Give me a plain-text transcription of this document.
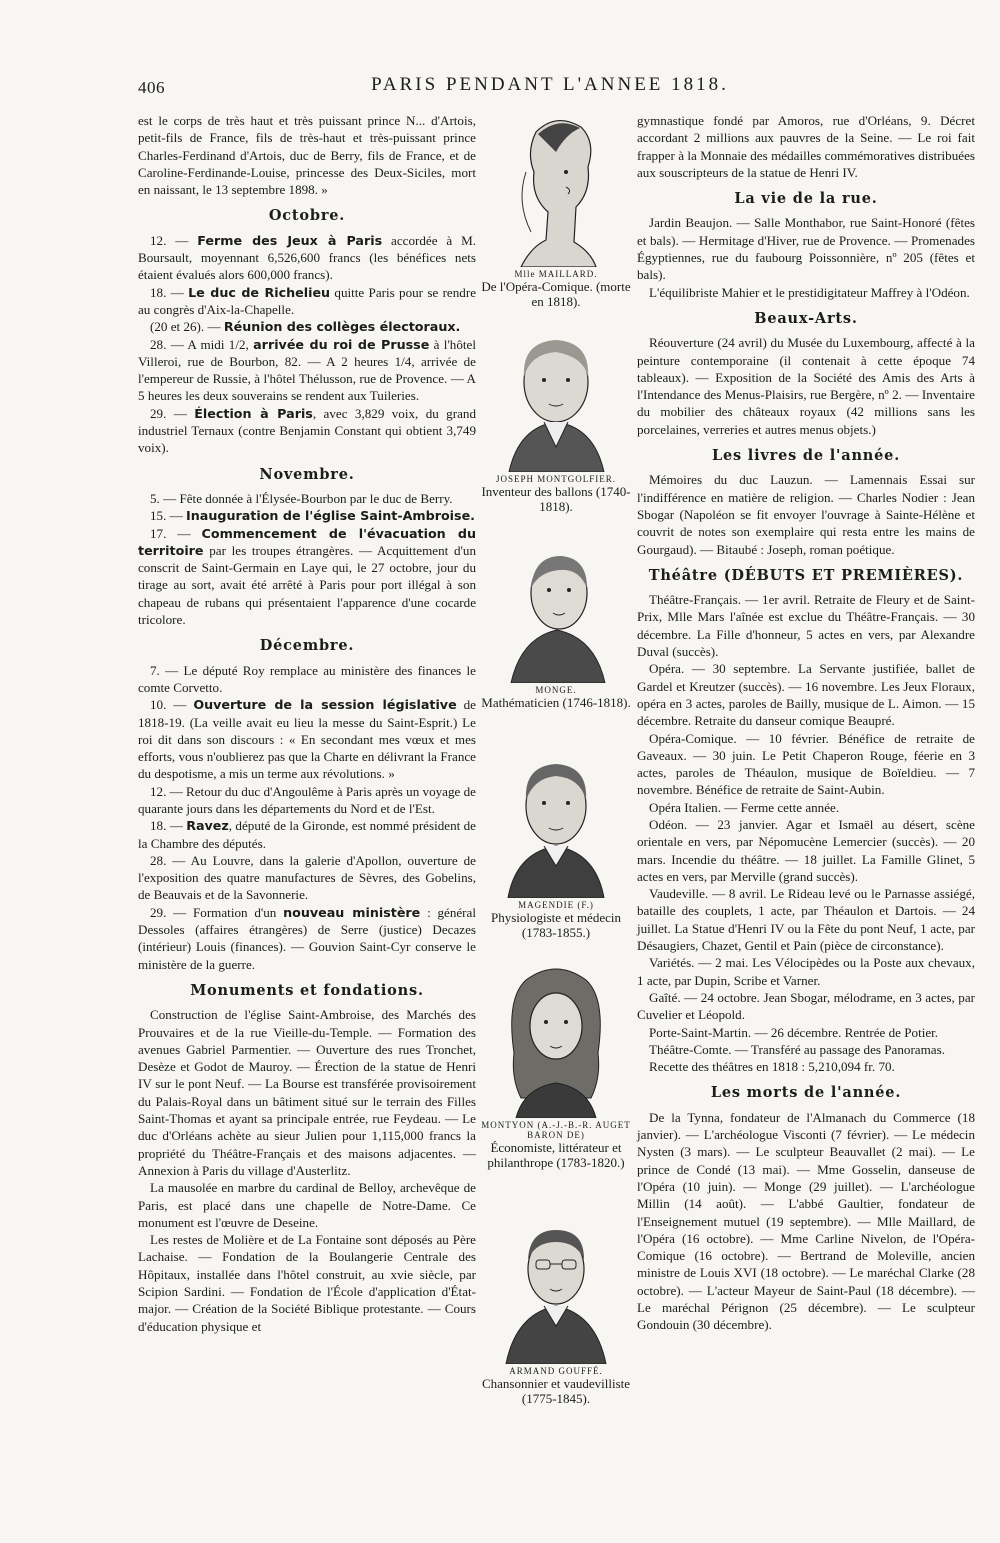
406	PARIS PENDANT L'ANNEE 1818.

est le corps de très haut et très puissant prince N... d'Artois, petit-fils de France, fils de très-haut et très-puissant prince Charles-Ferdinand d'Artois, duc de Berry, fils de France, et de Caroline-Ferdinande-Louise, princesse des Deux-Siciles, mort en naissant, le 13 septembre 1898. »

Octobre.

12. — Ferme des Jeux à Paris accordée à M. Boursault, moyennant 6,526,600 francs (les bénéfices nets étaient évalués alors 600,000 francs).

18. — Le duc de Richelieu quitte Paris pour se rendre au congrès d'Aix-la-Chapelle.

(20 et 26). — Réunion des collèges électoraux.

28. — A midi 1/2, arrivée du roi de Prusse à l'hôtel Villeroi, rue de Bourbon, 82. — A 2 heures 1/4, arrivée de l'empereur de Russie, à l'hôtel Thélusson, rue de Provence. — A 5 heures les deux souverains se rendent aux Tuileries.

29. — Élection à Paris, avec 3,829 voix, du grand industriel Ternaux (contre Benjamin Constant qui obtient 3,749 voix).

Novembre.

5. — Fête donnée à l'Élysée-Bourbon par le duc de Berry.

15. — Inauguration de l'église Saint-Ambroise.

17. — Commencement de l'évacuation du territoire par les troupes étrangères. — Acquittement d'un conscrit de Saint-Germain en Laye qui, le 27 octobre, jour du tirage au sort, avait été arrêté à Paris pour port illégal à son chapeau de rubans qui présentaient l'apparence d'une cocarde tricolore.

Décembre.

7. — Le député Roy remplace au ministère des finances le comte Corvetto.

10. — Ouverture de la session législative de 1818-19. (La veille avait eu lieu la messe du Saint-Esprit.) Le roi dit dans son discours : « En secondant mes vœux et mes efforts, vous n'oublierez pas que la Charte en délivrant la France du despotisme, a mis un terme aux révolutions. »

12. — Retour du duc d'Angoulême à Paris après un voyage de quarante jours dans les départements du Nord et de l'Est.

18. — Ravez, député de la Gironde, est nommé président de la Chambre des députés.

28. — Au Louvre, dans la galerie d'Apollon, ouverture de l'exposition des quatre manufactures de Sèvres, des Gobelins, de Beauvais et de la Savonnerie.

29. — Formation d'un nouveau ministère : général Dessoles (affaires étrangères) de Serre (justice) Decazes (intérieur) Louis (finances). — Gouvion Saint-Cyr conserve le ministère de la guerre.

Monuments et fondations.

Construction de l'église Saint-Ambroise, des Marchés des Prouvaires et de la rue Vieille-du-Temple. — Formation des avenues Gabriel Parmentier. — Ouverture des rues Tronchet, Desèze et Godot de Mauroy. — Érection de la statue de Henri IV sur le pont Neuf. — La Bourse est transférée provisoirement du Palais-Royal dans un bâtiment situé sur le terrain des Filles Saint-Thomas et ayant sa principale entrée, rue Feydeau. — Le duc d'Orléans achète au sieur Julien pour 1,115,000 francs la propriété du Théâtre-Français et des maisons adjacentes. — Annexion à Paris du village d'Austerlitz.

La mausolée en marbre du cardinal de Belloy, archevêque de Paris, est placé dans une chapelle de Notre-Dame. Ce monument est l'œuvre de Deseine.

Les restes de Molière et de La Fontaine sont déposés au Père Lachaise. — Fondation de la Boulangerie Centrale des Hôpitaux, installée dans l'hôtel construit, au xvie siècle, par Scipion Sardini. — Fondation de l'École d'application d'État-major. — Création de la Société Biblique protestante. — Cours d'éducation physique et

Mlle MAILLARD.
De l'Opéra-Comique. (morte en 1818).
JOSEPH MONTGOLFIER.
Inventeur des ballons (1740-1818).
MONGE.
Mathématicien (1746-1818).
MAGENDIE (F.)
Physiologiste et médecin (1783-1855.)
MONTYON (A.-J.-B.-R. AUGET BARON DE)
Économiste, littérateur et philanthrope (1783-1820.)
ARMAND GOUFFÉ.
Chansonnier et vaudevilliste (1775-1845).

gymnastique fondé par Amoros, rue d'Orléans, 9. Décret accordant 2 millions aux pauvres de la Seine. — Le roi fait frapper à la Monnaie des médailles commémoratives distribuées aux souscripteurs de la statue de Henri IV.

La vie de la rue.

Jardin Beaujon. — Salle Monthabor, rue Saint-Honoré (fêtes et bals). — Hermitage d'Hiver, rue de Provence. — Promenades Égyptiennes, rue du faubourg Poissonnière, nº 205 (fêtes et bals).

L'équilibriste Mahier et le prestidigitateur Maffrey à l'Odéon.

Beaux-Arts.

Réouverture (24 avril) du Musée du Luxembourg, affecté à la peinture contemporaine (il contenait à cette époque 74 tableaux). — Exposition de la Société des Amis des Arts à l'Intendance des Menus-Plaisirs, rue Bergère, nº 2. — Inventaire du mobilier des châteaux royaux (42 millions sans les porcelaines, verreries et autres menus objets.)

Les livres de l'année.

Mémoires du duc Lauzun. — Lamennais Essai sur l'indifférence en matière de religion. — Charles Nodier : Jean Sbogar (Napoléon se fit envoyer l'ouvrage à Sainte-Hélène et couvrit de notes son exemplaire qui resta entre les mains de Gourgaud). — Bitaubé : Joseph, roman poétique.

Théâtre (DÉBUTS ET PREMIÈRES).

Théâtre-Français. — 1er avril. Retraite de Fleury et de Saint-Prix, Mlle Mars l'aînée est exclue du Théâtre-Français. — 30 décembre. La Fille d'honneur, 5 actes en vers, par Alexandre Duval (succès).

Opéra. — 30 septembre. La Servante justifiée, ballet de Gardel et Kreutzer (succès). — 16 novembre. Les Jeux Floraux, opéra en 3 actes, paroles de Bailly, musique de L. Aimon. — 15 décembre. Retraite du danseur comique Beaupré.

Opéra-Comique. — 10 février. Bénéfice de retraite de Gaveaux. — 30 juin. Le Petit Chaperon Rouge, féerie en 3 actes, paroles de Théaulon, musique de Boïeldieu. — 7 novembre. Bénéfice de retraite de Saint-Aubin.

Opéra Italien. — Ferme cette année.

Odéon. — 23 janvier. Agar et Ismaël au désert, scène orientale en vers, par Népomucène Lemercier (succès). — 20 mars. Incendie du théâtre. — 18 juillet. La Famille Glinet, 5 actes en vers, par Merville (grand succès).

Vaudeville. — 8 avril. Le Rideau levé ou le Parnasse assiégé, bataille des couplets, 1 acte, par Théaulon et Dartois. — 24 juillet. La Statue d'Henri IV ou la Fête du pont Neuf, 1 acte, par Désaugiers, Chazet, Gentil et Pain (pièce de circonstance).

Variétés. — 2 mai. Les Vélocipèdes ou la Poste aux chevaux, 1 acte, par Dupin, Scribe et Varner.

Gaîté. — 24 octobre. Jean Sbogar, mélodrame, en 3 actes, par Cuvelier et Léopold.

Porte-Saint-Martin. — 26 décembre. Rentrée de Potier.

Théâtre-Comte. — Transféré au passage des Panoramas.

Recette des théâtres en 1818 : 5,210,094 fr. 70.

Les morts de l'année.

De la Tynna, fondateur de l'Almanach du Commerce (18 janvier). — L'archéologue Visconti (7 février). — Le médecin Nysten (3 mars). — Le sculpteur Beauvallet (2 mai). — Le prince de Condé (13 mai). — Mme Gosselin, danseuse de l'Opéra (10 juin). — Monge (29 juillet). — L'archéologue Millin (14 août). — L'abbé Gaultier, fondateur de l'Enseignement mutuel (19 septembre). — Mlle Maillard, de l'Opéra (16 octobre). — Mme Carline Nivelon, de l'Opéra-Comique (16 octobre). — Bertrand de Moleville, ancien ministre de Louis XVI (18 octobre). — Le maréchal Clarke (28 octobre). — L'acteur Mayeur de Saint-Paul (18 décembre). — Le maréchal Pérignon (25 décembre). — Le sculpteur Gondouin (30 décembre).
